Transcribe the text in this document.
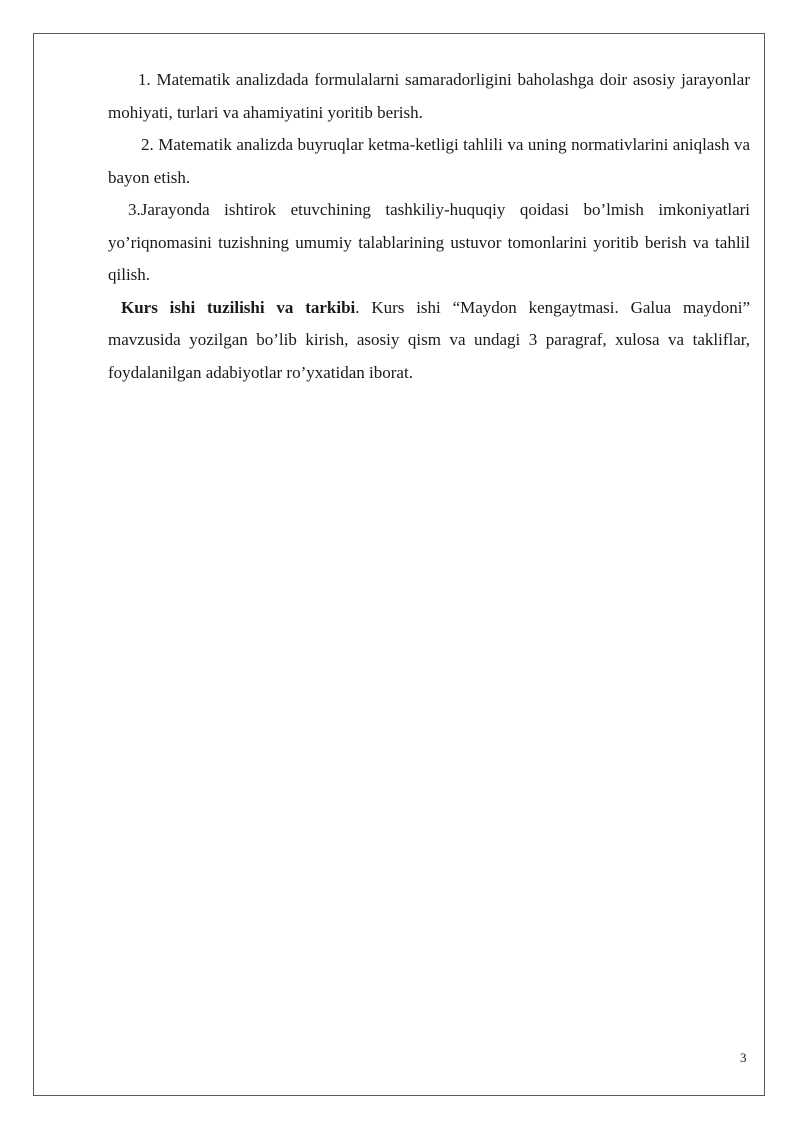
1. Matematik analizdada formulalarni samaradorligini baholashga doir asosiy jarayonlar mohiyati, turlari va ahamiyatini yoritib berish.

2. Matematik analizda buyruqlar ketma-ketligi tahlili va uning normativlarini aniqlash va bayon etish.

3.Jarayonda ishtirok etuvchining tashkiliy-huquqiy qoidasi bo’lmish imkoniyatlari yo’riqnomasini tuzishning umumiy talablarining ustuvor tomonlarini yoritib berish va tahlil qilish.

Kurs ishi tuzilishi va tarkibi. Kurs ishi “Maydon kengaytmasi. Galua maydoni” mavzusida yozilgan bo’lib kirish, asosiy qism va undagi 3 paragraf, xulosa va takliflar, foydalanilgan adabiyotlar ro’yxatidan iborat.

3
